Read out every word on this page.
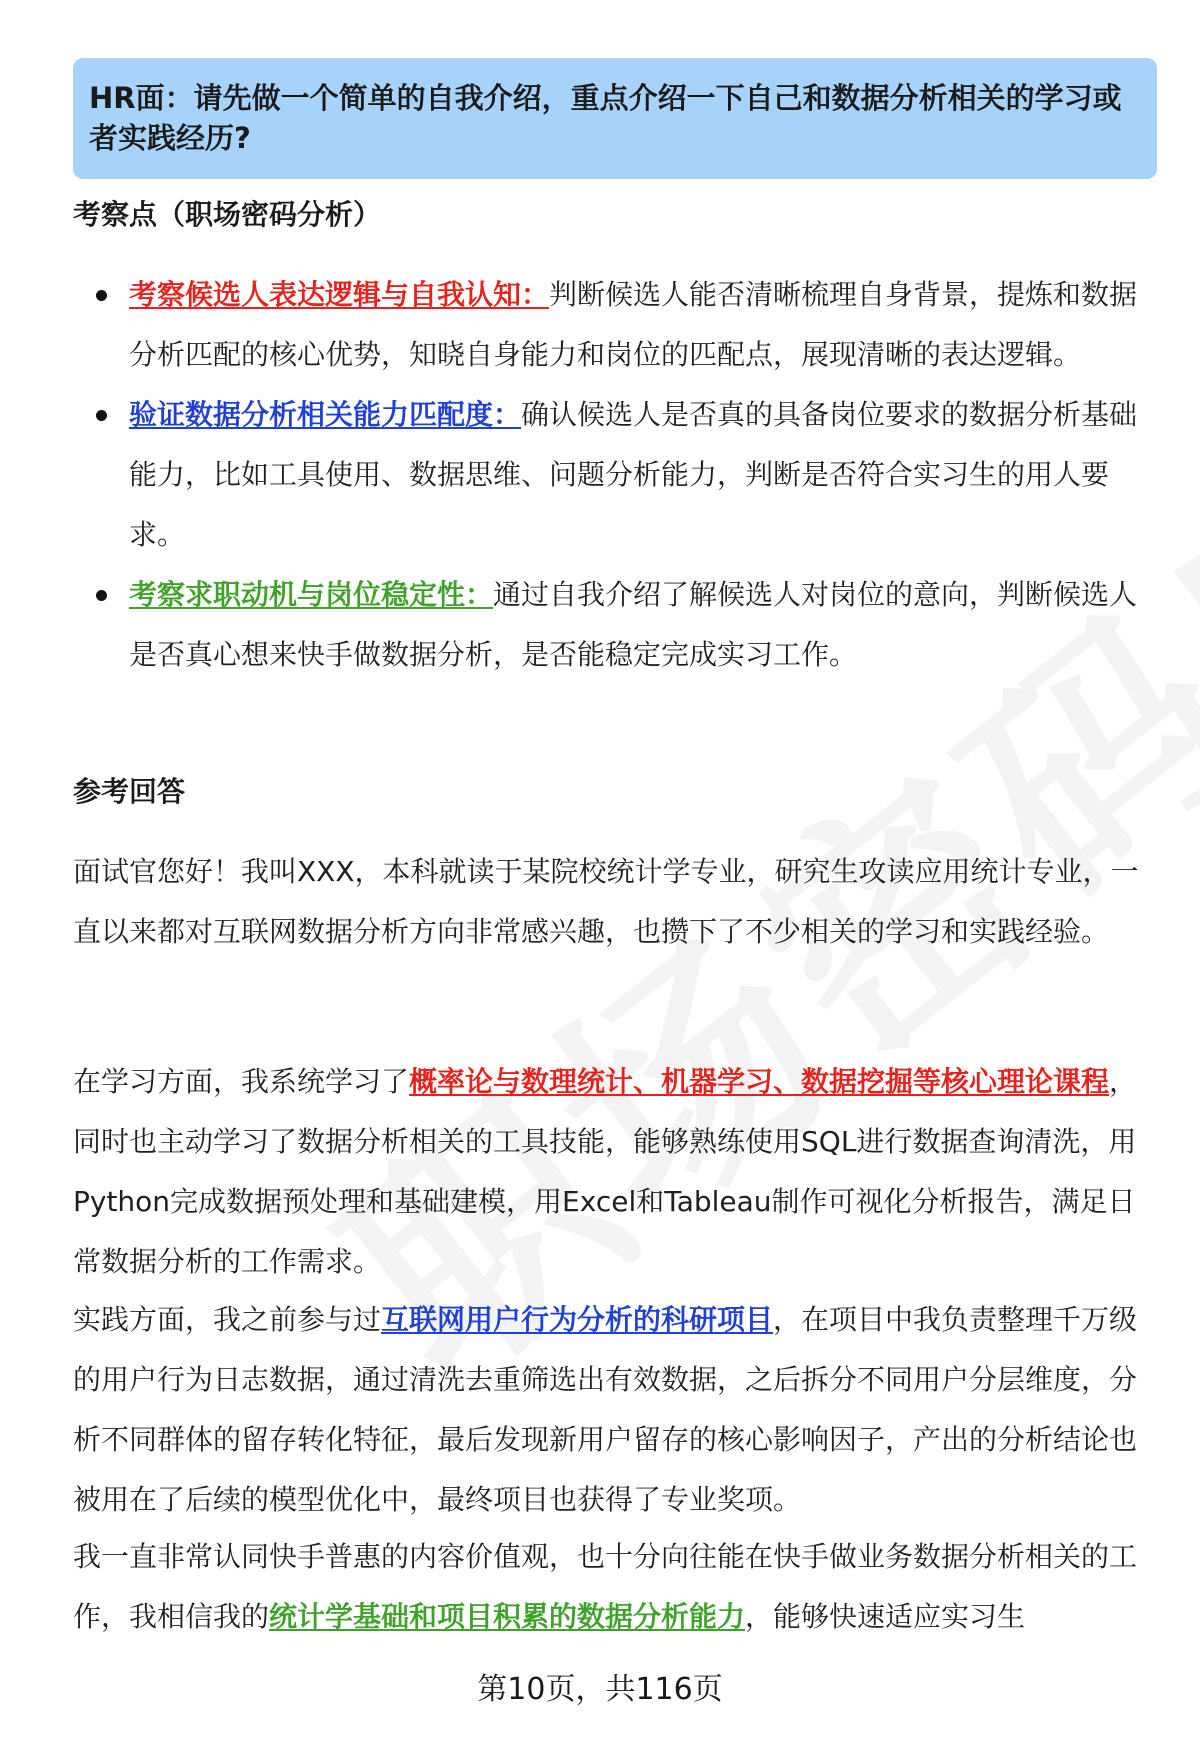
HR面：请先做一个简单的自我介绍，重点介绍一下自己和数据分析相关的学习或者实践经历?
考察点（职场密码分析）
考察候选人表达逻辑与自我认知：判断候选人能否清晰梳理自身背景，提炼和数据分析匹配的核心优势，知晓自身能力和岗位的匹配点，展现清晰的表达逻辑。
验证数据分析相关能力匹配度：确认候选人是否真的具备岗位要求的数据分析基础能力，比如工具使用、数据思维、问题分析能力，判断是否符合实习生的用人要求。
考察求职动机与岗位稳定性：通过自我介绍了解候选人对岗位的意向，判断候选人是否真心想来快手做数据分析，是否能稳定完成实习工作。
参考回答

面试官您好！我叫XXX，本科就读于某院校统计学专业，研究生攻读应用统计专业，一直以来都对互联网数据分析方向非常感兴趣，也攒下了不少相关的学习和实践经验。

在学习方面，我系统学习了概率论与数理统计、机器学习、数据挖掘等核心理论课程，同时也主动学习了数据分析相关的工具技能，能够熟练使用SQL进行数据查询清洗，用Python完成数据预处理和基础建模，用Excel和Tableau制作可视化分析报告，满足日常数据分析的工作需求。

实践方面，我之前参与过互联网用户行为分析的科研项目，在项目中我负责整理千万级的用户行为日志数据，通过清洗去重筛选出有效数据，之后拆分不同用户分层维度，分析不同群体的留存转化特征，最后发现新用户留存的核心影响因子，产出的分析结论也被用在了后续的模型优化中，最终项目也获得了专业奖项。

我一直非常认同快手普惠的内容价值观，也十分向往能在快手做业务数据分析相关的工作，我相信我的统计学基础和项目积累的数据分析能力，能够快速适应实习生

第10页，共116页
